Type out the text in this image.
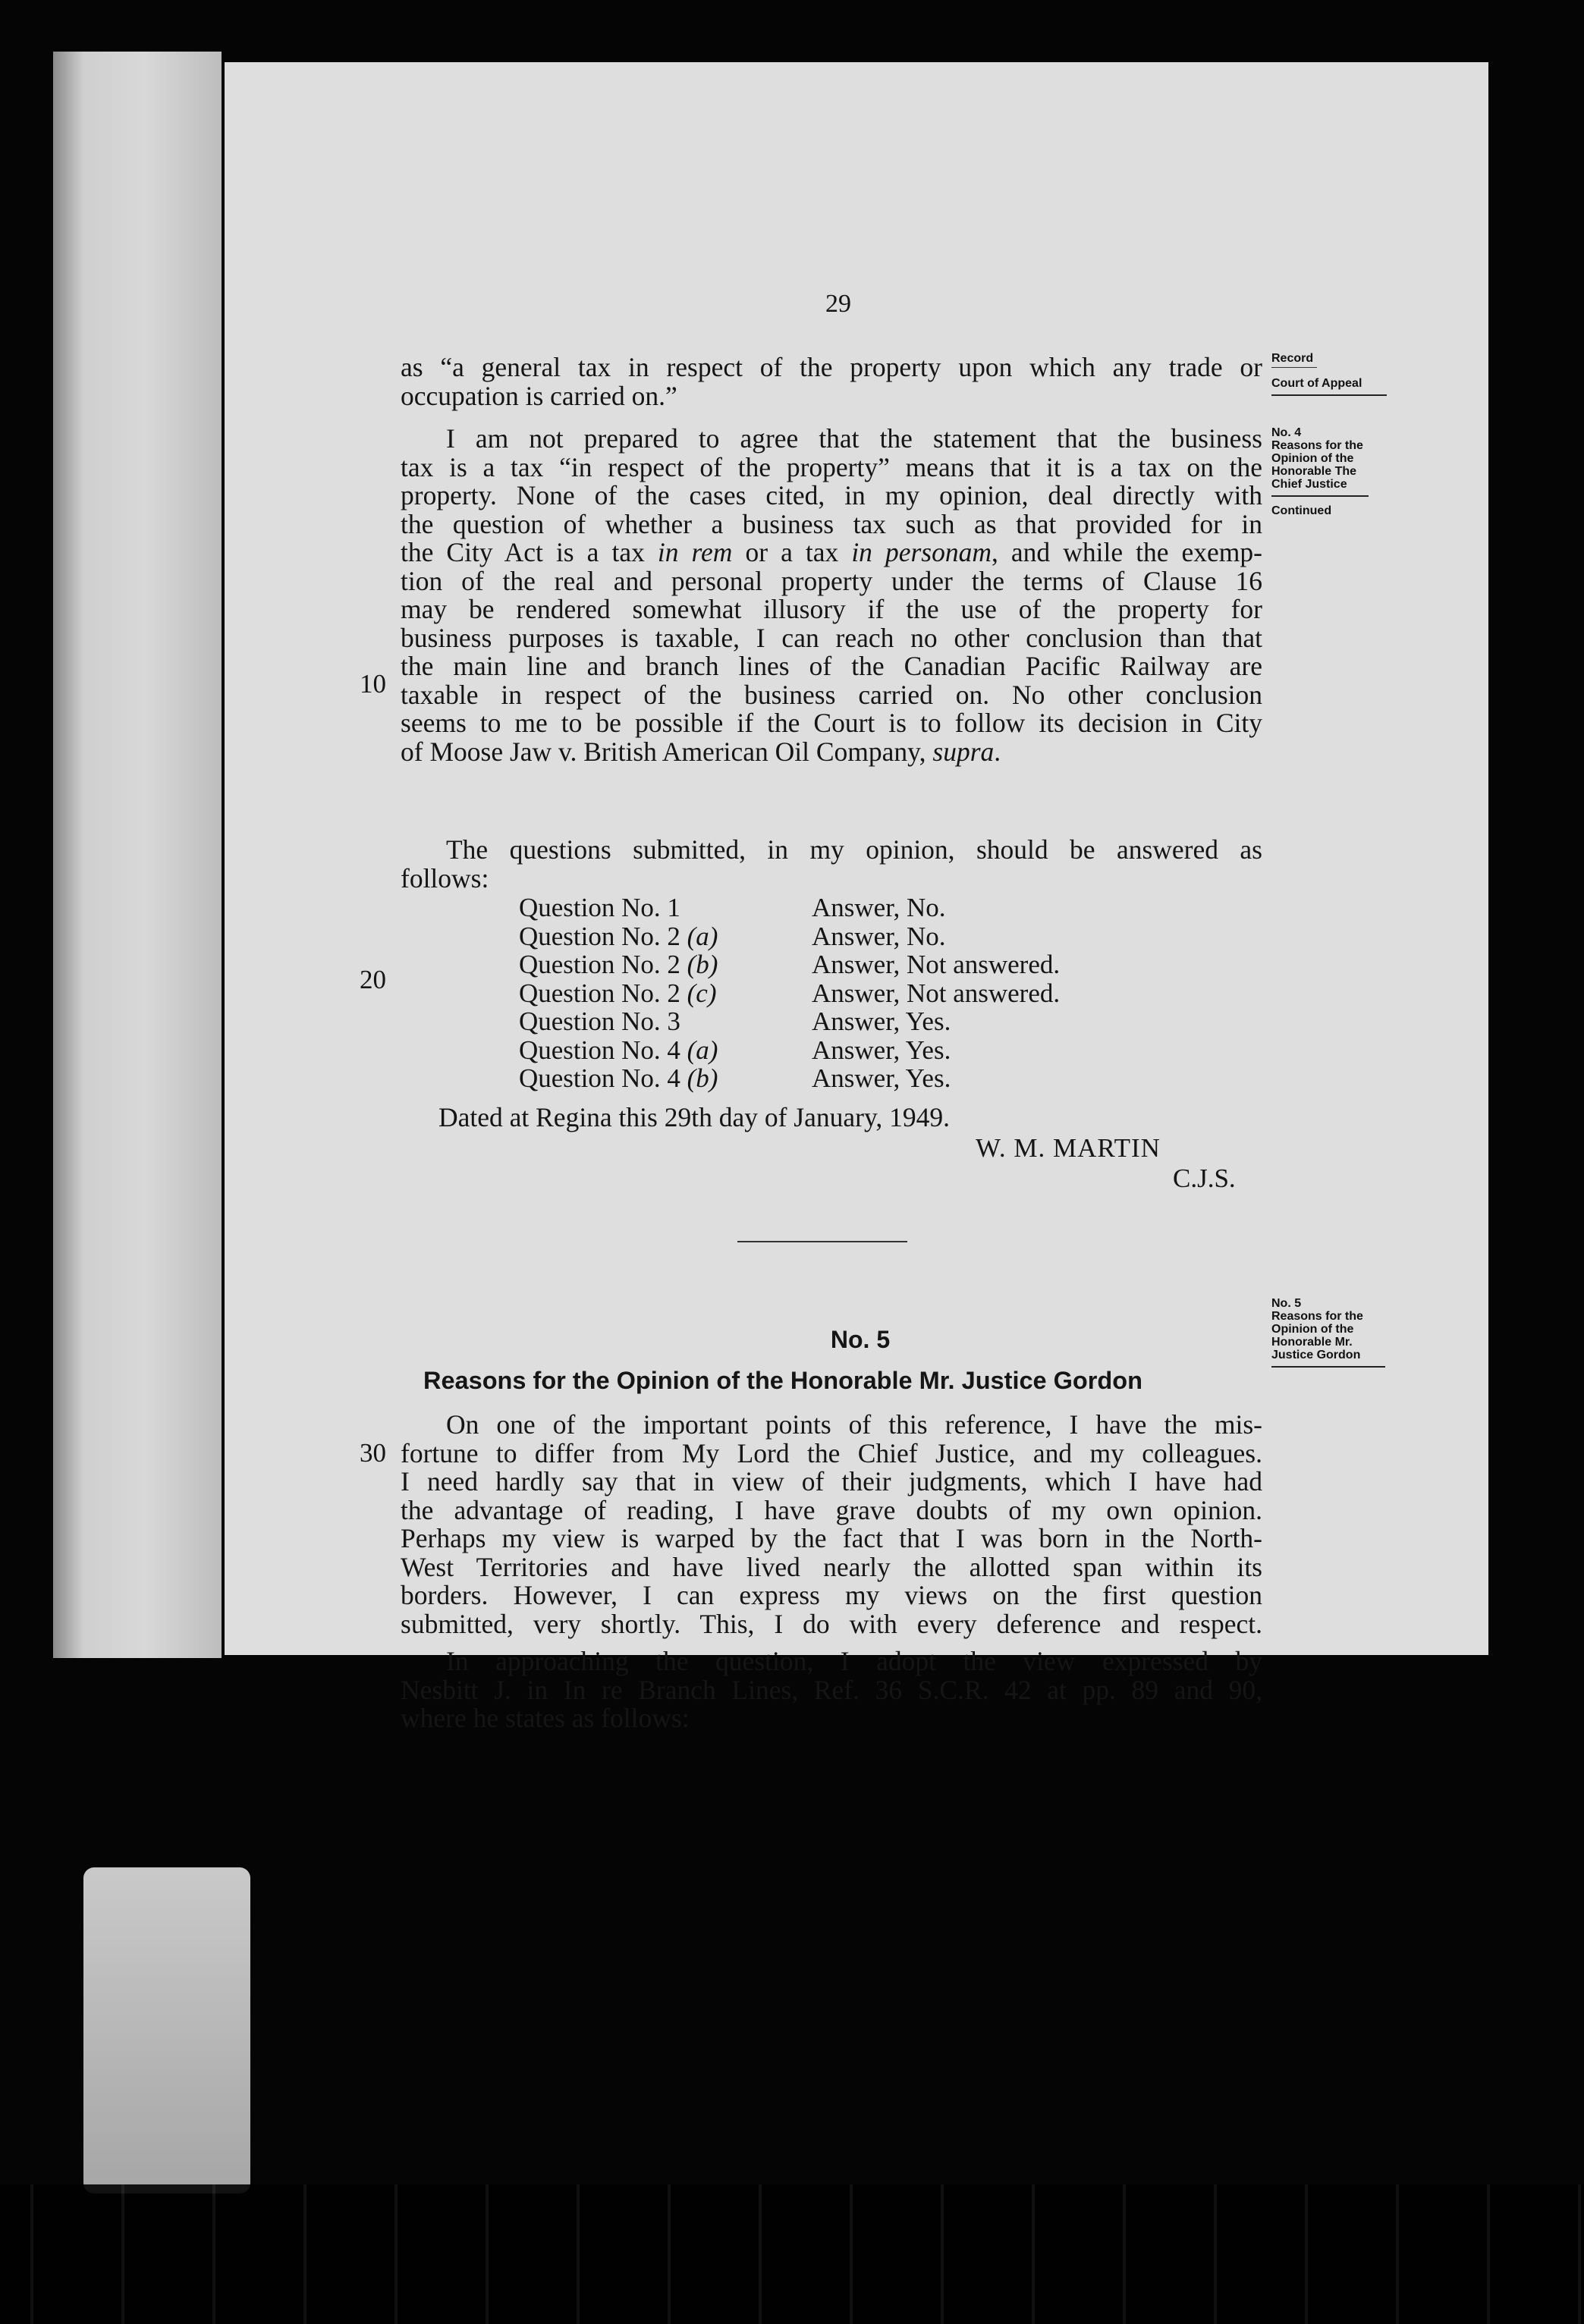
29
Record
Court of Appeal
No. 4
Reasons for the
Opinion of the
Honorable The
Chief Justice
Continued
No. 5
Reasons for the
Opinion of the
Honorable Mr.
Justice Gordon

as “a general tax in respect of the property upon which any trade or

occupation is carried on.”

I am not prepared to agree that the statement that the business

tax is a tax “in respect of the property” means that it is a tax on the

property. None of the cases cited, in my opinion, deal directly with

the question of whether a business tax such as that provided for in

the City Act is a tax in rem or a tax in personam, and while the exemp-

tion of the real and personal property under the terms of Clause 16

may be rendered somewhat illusory if the use of the property for

business purposes is taxable, I can reach no other conclusion than that

the main line and branch lines of the Canadian Pacific Railway are

taxable in respect of the business carried on. No other conclusion

seems to me to be possible if the Court is to follow its decision in City

of Moose Jaw v. British American Oil Company, supra.

10

The questions submitted, in my opinion, should be answered as

follows:

Question No. 1	Answer, No.
Question No. 2 (a)	Answer, No.
Question No. 2 (b)	Answer, Not answered.
Question No. 2 (c)	Answer, Not answered.
Question No. 3	Answer, Yes.
Question No. 4 (a)	Answer, Yes.
Question No. 4 (b)	Answer, Yes.
20
Dated at Regina this 29th day of January, 1949.
W. M. MARTIN
C.J.S.
No. 5
Reasons for the Opinion of the Honorable Mr. Justice Gordon

On one of the important points of this reference, I have the mis-

fortune to differ from My Lord the Chief Justice, and my colleagues.

I need hardly say that in view of their judgments, which I have had

the advantage of reading, I have grave doubts of my own opinion.

Perhaps my view is warped by the fact that I was born in the North-

West Territories and have lived nearly the allotted span within its

borders. However, I can express my views on the first question

submitted, very shortly. This, I do with every deference and respect.

30

In approaching the question, I adopt the view expressed by

Nesbitt J. in In re Branch Lines, Ref. 36 S.C.R. 42 at pp. 89 and 90,

where he states as follows:
